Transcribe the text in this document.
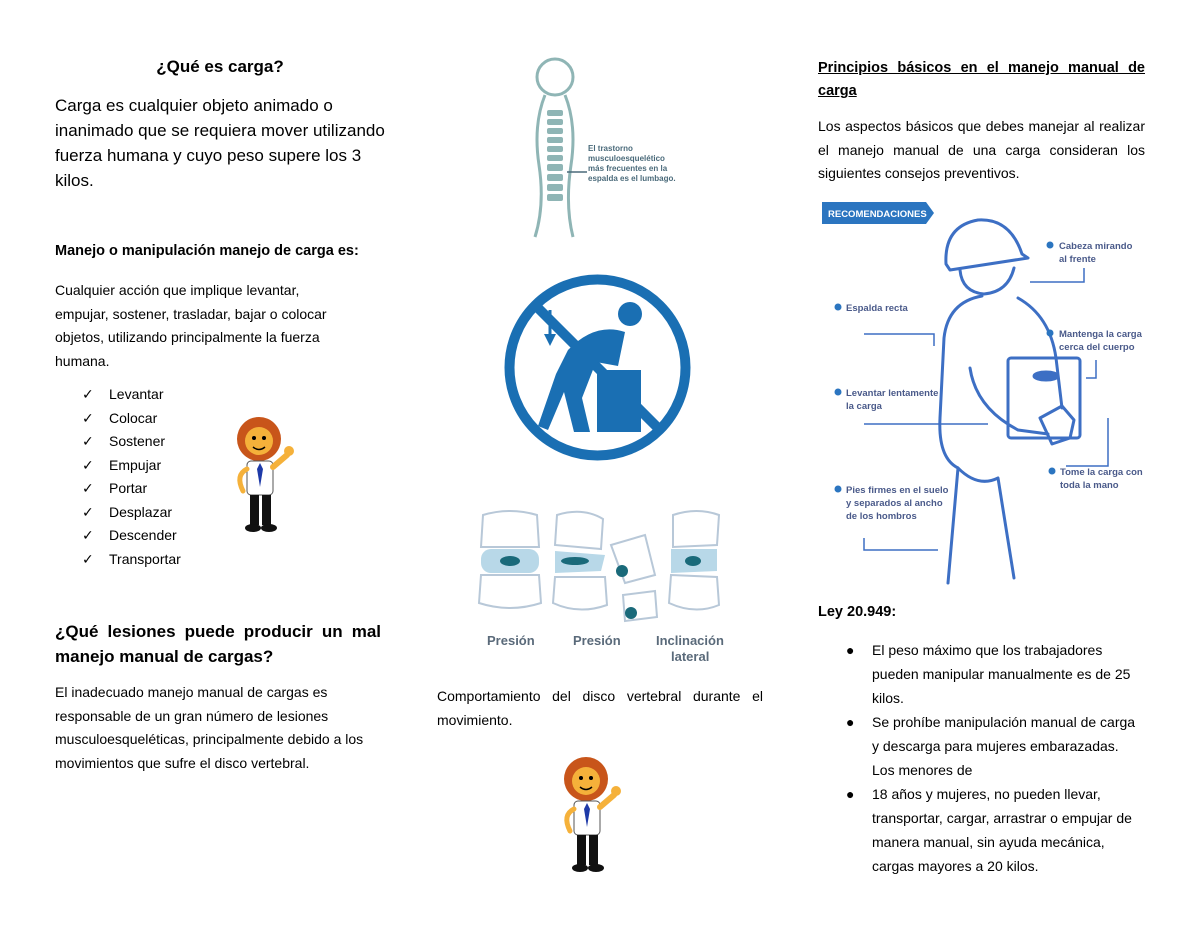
¿Qué es carga?

Carga es cualquier objeto animado o inanimado que se requiera mover utilizando fuerza humana y cuyo peso supere los 3 kilos.

Manejo o manipulación manejo de carga es:

Cualquier acción que implique levantar, empujar, sostener, trasladar, bajar o colocar objetos, utilizando principalmente la fuerza humana.

✓ Levantar
✓ Colocar
✓ Sostener
✓ Empujar
✓ Portar
✓ Desplazar
✓ Descender
✓ Transportar

¿Qué lesiones puede producir un mal manejo manual de cargas?

El inadecuado manejo manual de cargas es responsable de un gran número de lesiones musculoesqueléticas, principalmente debido a los movimientos que sufre el disco vertebral.

El trastorno
musculoesquelético
más frecuentes en la
espalda es el lumbago.
Presión	Presión	Inclinación
lateral

Comportamiento del disco vertebral durante el movimiento.

Principios básicos en el manejo manual de carga

Los aspectos básicos que debes manejar al realizar el manejo manual de una carga consideran los siguientes consejos preventivos.

RECOMENDACIONES
Cabeza mirando
al frente
Espalda recta
Mantenga la carga
cerca del cuerpo
Levantar lentamente
la carga
Tome la carga con
toda la mano
Pies firmes en el suelo
y separados al ancho
de los hombros

Ley 20.949:

● El peso máximo que los trabajadores pueden manipular manualmente es de 25 kilos.
● Se prohíbe manipulación manual de carga y descarga para mujeres embarazadas. Los menores de
● 18 años y mujeres, no pueden llevar, transportar, cargar, arrastrar o empujar de manera manual, sin ayuda mecánica, cargas mayores a 20 kilos.
